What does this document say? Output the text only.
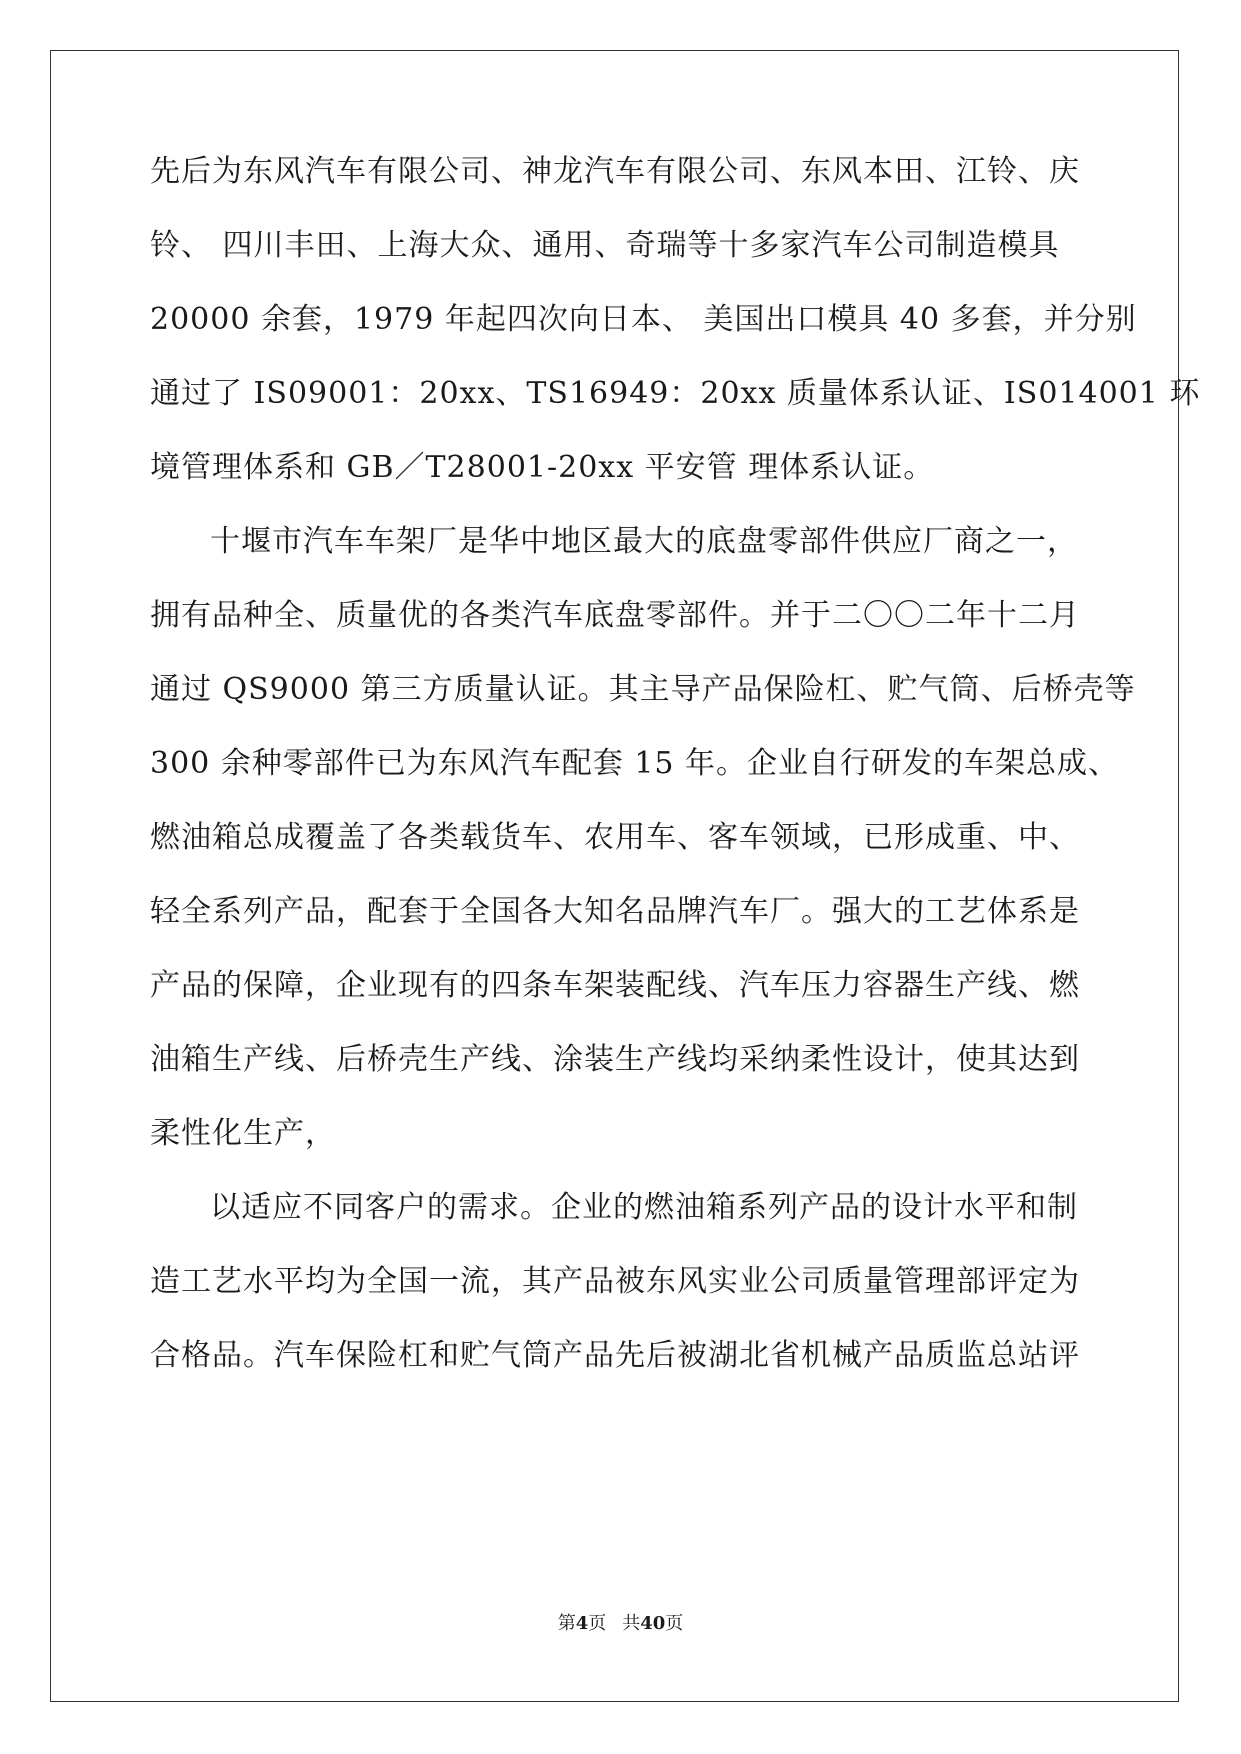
先后为东风汽车有限公司、神龙汽车有限公司、东风本田、江铃、庆
铃、 四川丰田、上海大众、通用、奇瑞等十多家汽车公司制造模具
20000 余套，1979 年起四次向日本、 美国出口模具 40 多套，并分别
通过了 IS09001：20xx、TS16949：20xx 质量体系认证、IS014001 环
境管理体系和 GB／T28001-20xx 平安管 理体系认证。
十堰市汽车车架厂是华中地区最大的底盘零部件供应厂商之一，
拥有品种全、质量优的各类汽车底盘零部件。并于二〇〇二年十二月
通过 QS9000 第三方质量认证。其主导产品保险杠、贮气筒、后桥壳等
300 余种零部件已为东风汽车配套 15 年。企业自行研发的车架总成、
燃油箱总成覆盖了各类载货车、农用车、客车领域，已形成重、中、
轻全系列产品，配套于全国各大知名品牌汽车厂。强大的工艺体系是
产品的保障，企业现有的四条车架装配线、汽车压力容器生产线、燃
油箱生产线、后桥壳生产线、涂装生产线均采纳柔性设计，使其达到
柔性化生产，
以适应不同客户的需求。企业的燃油箱系列产品的设计水平和制
造工艺水平均为全国一流，其产品被东风实业公司质量管理部评定为
合格品。汽车保险杠和贮气筒产品先后被湖北省机械产品质监总站评
第4页 共40页
